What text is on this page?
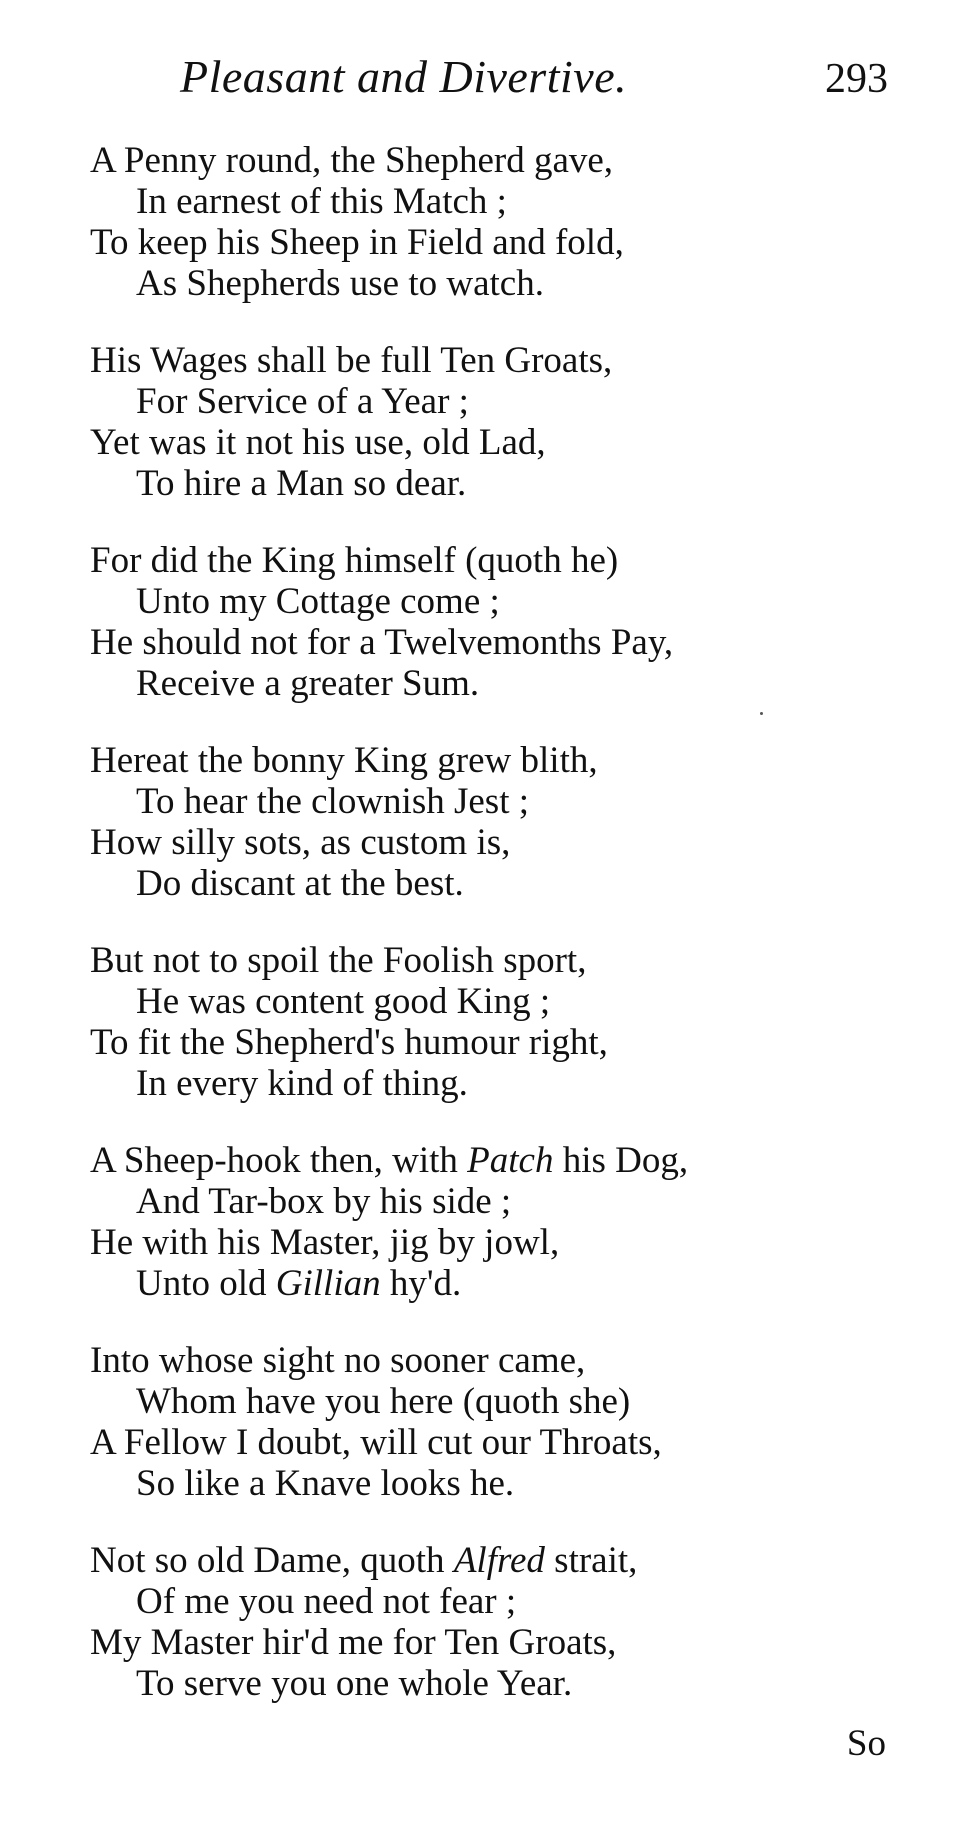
Pleasant and Divertive.	293
A Penny round, the Shepherd gave,
In earnest of this Match ;
To keep his Sheep in Field and fold,
As Shepherds use to watch.
His Wages shall be full Ten Groats,
For Service of a Year ;
Yet was it not his use, old Lad,
To hire a Man so dear.
For did the King himself (quoth he)
Unto my Cottage come ;
He should not for a Twelvemonths Pay,
Receive a greater Sum.
Hereat the bonny King grew blith,
To hear the clownish Jest ;
How silly sots, as custom is,
Do discant at the best.
But not to spoil the Foolish sport,
He was content good King ;
To fit the Shepherd's humour right,
In every kind of thing.
A Sheep-hook then, with Patch his Dog,
And Tar-box by his side ;
He with his Master, jig by jowl,
Unto old Gillian hy'd.
Into whose sight no sooner came,
Whom have you here (quoth she)
A Fellow I doubt, will cut our Throats,
So like a Knave looks he.
Not so old Dame, quoth Alfred strait,
Of me you need not fear ;
My Master hir'd me for Ten Groats,
To serve you one whole Year.
So
